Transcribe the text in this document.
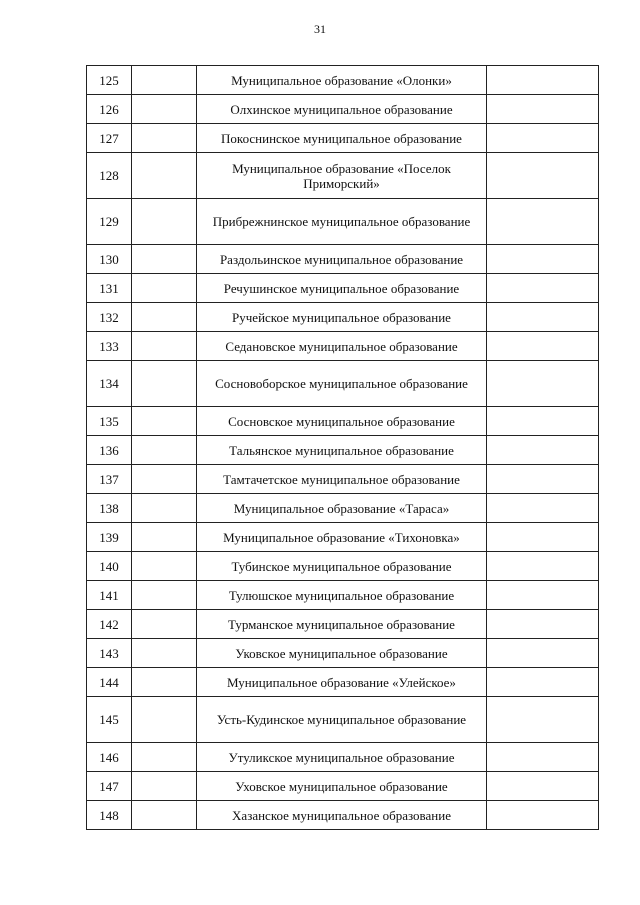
31
125		Муниципальное образование «Олонки»	
126		Олхинское муниципальное образование	
127		Покоснинское муниципальное образование	
128		Муниципальное образование «Поселок Приморский»	
129		Прибрежнинское муниципальное образование	
130		Раздольинское муниципальное образование	
131		Речушинское муниципальное образование	
132		Ручейское муниципальное образование	
133		Седановское муниципальное образование	
134		Сосновоборское муниципальное образование	
135		Сосновское муниципальное образование	
136		Тальянское муниципальное образование	
137		Тамтачетское муниципальное образование	
138		Муниципальное образование «Тараса»	
139		Муниципальное образование «Тихоновка»	
140		Тубинское муниципальное образование	
141		Тулюшское муниципальное образование	
142		Турманское муниципальное образование	
143		Уковское муниципальное образование	
144		Муниципальное образование «Улейское»	
145		Усть-Кудинское муниципальное образование	
146		Утуликское муниципальное образование	
147		Уховское муниципальное образование	
148		Хазанское муниципальное образование	
